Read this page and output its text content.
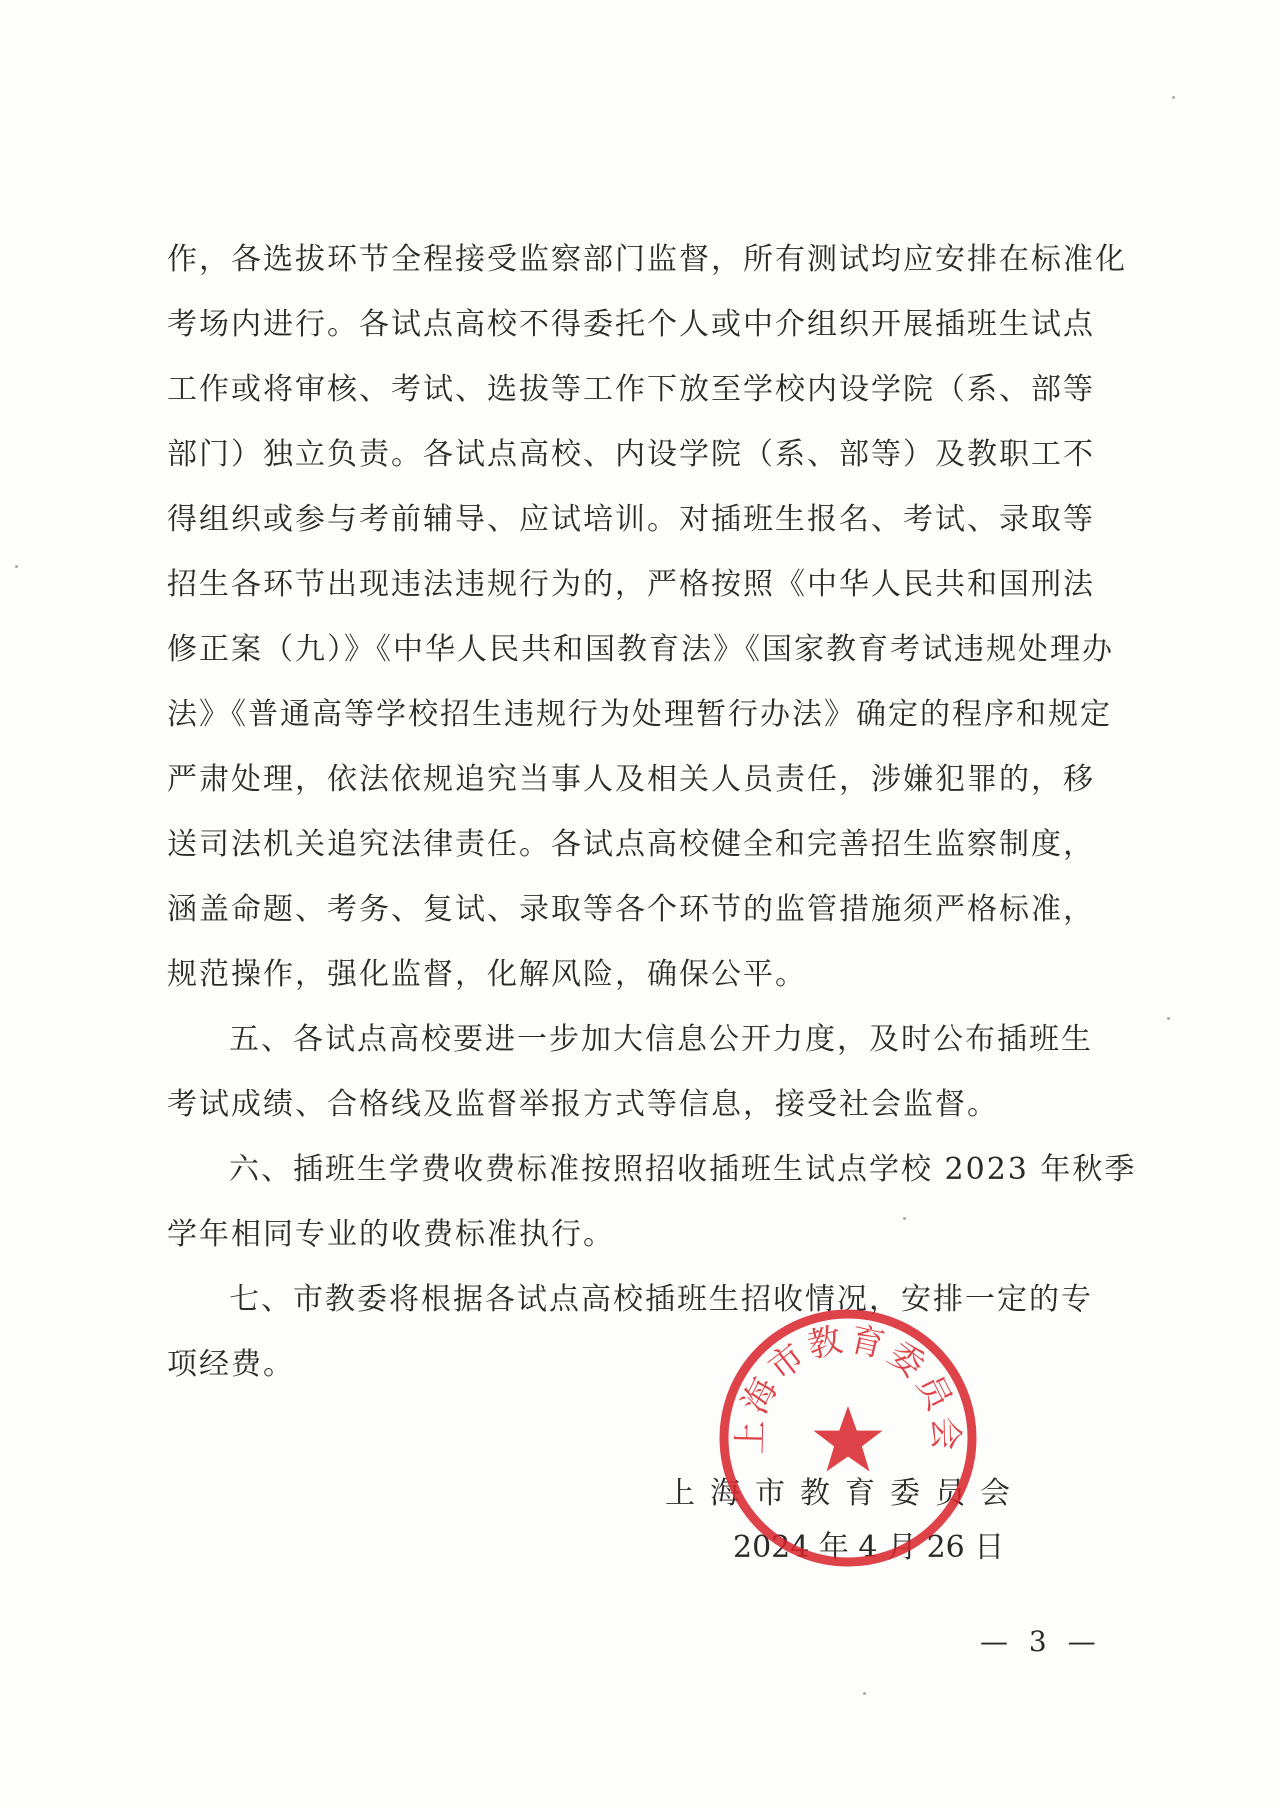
作，各选拔环节全程接受监察部门监督，所有测试均应安排在标准化
考场内进行。各试点高校不得委托个人或中介组织开展插班生试点
工作或将审核、考试、选拔等工作下放至学校内设学院（系、部等
部门）独立负责。各试点高校、内设学院（系、部等）及教职工不
得组织或参与考前辅导、应试培训。对插班生报名、考试、录取等
招生各环节出现违法违规行为的，严格按照《中华人民共和国刑法
修正案（九）》《中华人民共和国教育法》《国家教育考试违规处理办
法》《普通高等学校招生违规行为处理暂行办法》确定的程序和规定
严肃处理，依法依规追究当事人及相关人员责任，涉嫌犯罪的，移
送司法机关追究法律责任。各试点高校健全和完善招生监察制度，
涵盖命题、考务、复试、录取等各个环节的监管措施须严格标准，
规范操作，强化监督，化解风险，确保公平。
五、各试点高校要进一步加大信息公开力度，及时公布插班生
考试成绩、合格线及监督举报方式等信息，接受社会监督。
六、插班生学费收费标准按照招收插班生试点学校 2023 年秋季
学年相同专业的收费标准执行。
七、市教委将根据各试点高校插班生招收情况，安排一定的专
项经费。
上海市教育委员会
2024 年 4 月 26 日
上海市教育委员会
— 3 —
